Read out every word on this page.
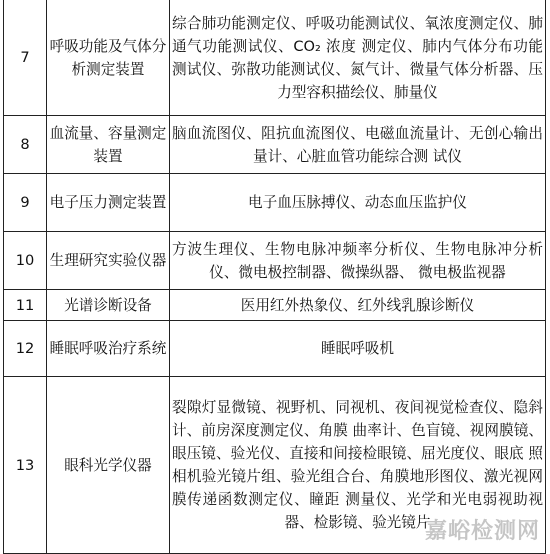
7	呼吸功能及气体分析测定装置	综合肺功能测定仪、呼吸功能测试仪、氧浓度测定仪、肺通气功能测试仪、CO₂ 浓度 测定仪、肺内气体分布功能测试仪、弥散功能测试仪、氮气计、微量气体分析器、压 力型容积描绘仪、肺量仪
8	血流量、容量测定装置	脑血流图仪、阻抗血流图仪、电磁血流量计、无创心输出量计、心脏血管功能综合测 试仪
9	电子压力测定装置	电子血压脉搏仪、动态血压监护仪
10	生理研究实验仪器	方波生理仪、生物电脉冲频率分析仪、生物电脉冲分析仪、微电极控制器、微操纵器、 微电极监视器
11	光谱诊断设备	医用红外热象仪、红外线乳腺诊断仪
12	睡眠呼吸治疗系统	睡眠呼吸机
13	眼科光学仪器	裂隙灯显微镜、视野机、同视机、夜间视觉检查仪、隐斜计、前房深度测定仪、角膜 曲率计、色盲镜、视网膜镜、眼压镜、验光仪、直接和间接检眼镜、屈光度仪、眼底 照相机验光镜片组、验光组合台、角膜地形图仪、激光视网膜传递函数测定仪、瞳距 测量仪、光学和光电弱视助视器、检影镜、验光镜片
嘉峪检测网
